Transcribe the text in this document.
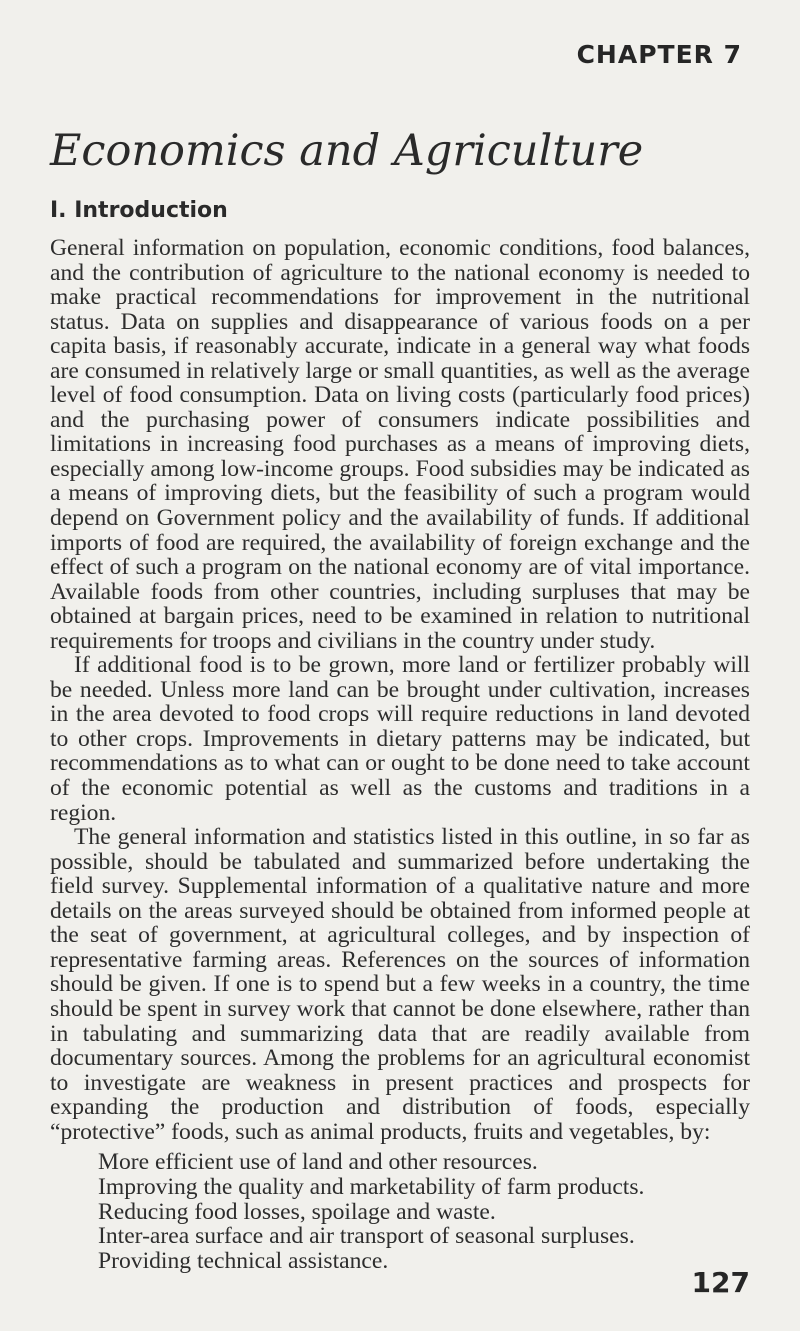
CHAPTER 7
Economics and Agriculture
I. Introduction

General information on population, economic conditions, food balances, and the contribution of agriculture to the national economy is needed to make practical recommendations for improvement in the nutritional status. Data on supplies and disappearance of various foods on a per capita basis, if reasonably accurate, indicate in a general way what foods are consumed in relatively large or small quantities, as well as the average level of food consumption. Data on living costs (particularly food prices) and the purchasing power of consumers indicate possibilities and limitations in increasing food purchases as a means of improving diets, especially among low-income groups. Food subsidies may be indicated as a means of improving diets, but the feasibility of such a program would depend on Government policy and the availability of funds. If additional imports of food are required, the availability of foreign exchange and the effect of such a program on the national economy are of vital importance. Available foods from other countries, including surpluses that may be obtained at bargain prices, need to be examined in relation to nutritional requirements for troops and civilians in the country under study.

If additional food is to be grown, more land or fertilizer probably will be needed. Unless more land can be brought under cultivation, increases in the area devoted to food crops will require reductions in land devoted to other crops. Improvements in dietary patterns may be indicated, but recommendations as to what can or ought to be done need to take account of the economic potential as well as the customs and traditions in a region.

The general information and statistics listed in this outline, in so far as possible, should be tabulated and summarized before undertaking the field survey. Supplemental information of a qualitative nature and more details on the areas surveyed should be obtained from informed people at the seat of government, at agricultural colleges, and by inspection of representative farming areas. References on the sources of information should be given. If one is to spend but a few weeks in a country, the time should be spent in survey work that cannot be done elsewhere, rather than in tabulating and summarizing data that are readily available from documentary sources. Among the problems for an agricultural economist to investigate are weakness in present practices and prospects for expanding the production and distribution of foods, especially “protective” foods, such as animal products, fruits and vegetables, by:

More efficient use of land and other resources.
Improving the quality and marketability of farm products.
Reducing food losses, spoilage and waste.
Inter-area surface and air transport of seasonal surpluses.
Providing technical assistance.
127
